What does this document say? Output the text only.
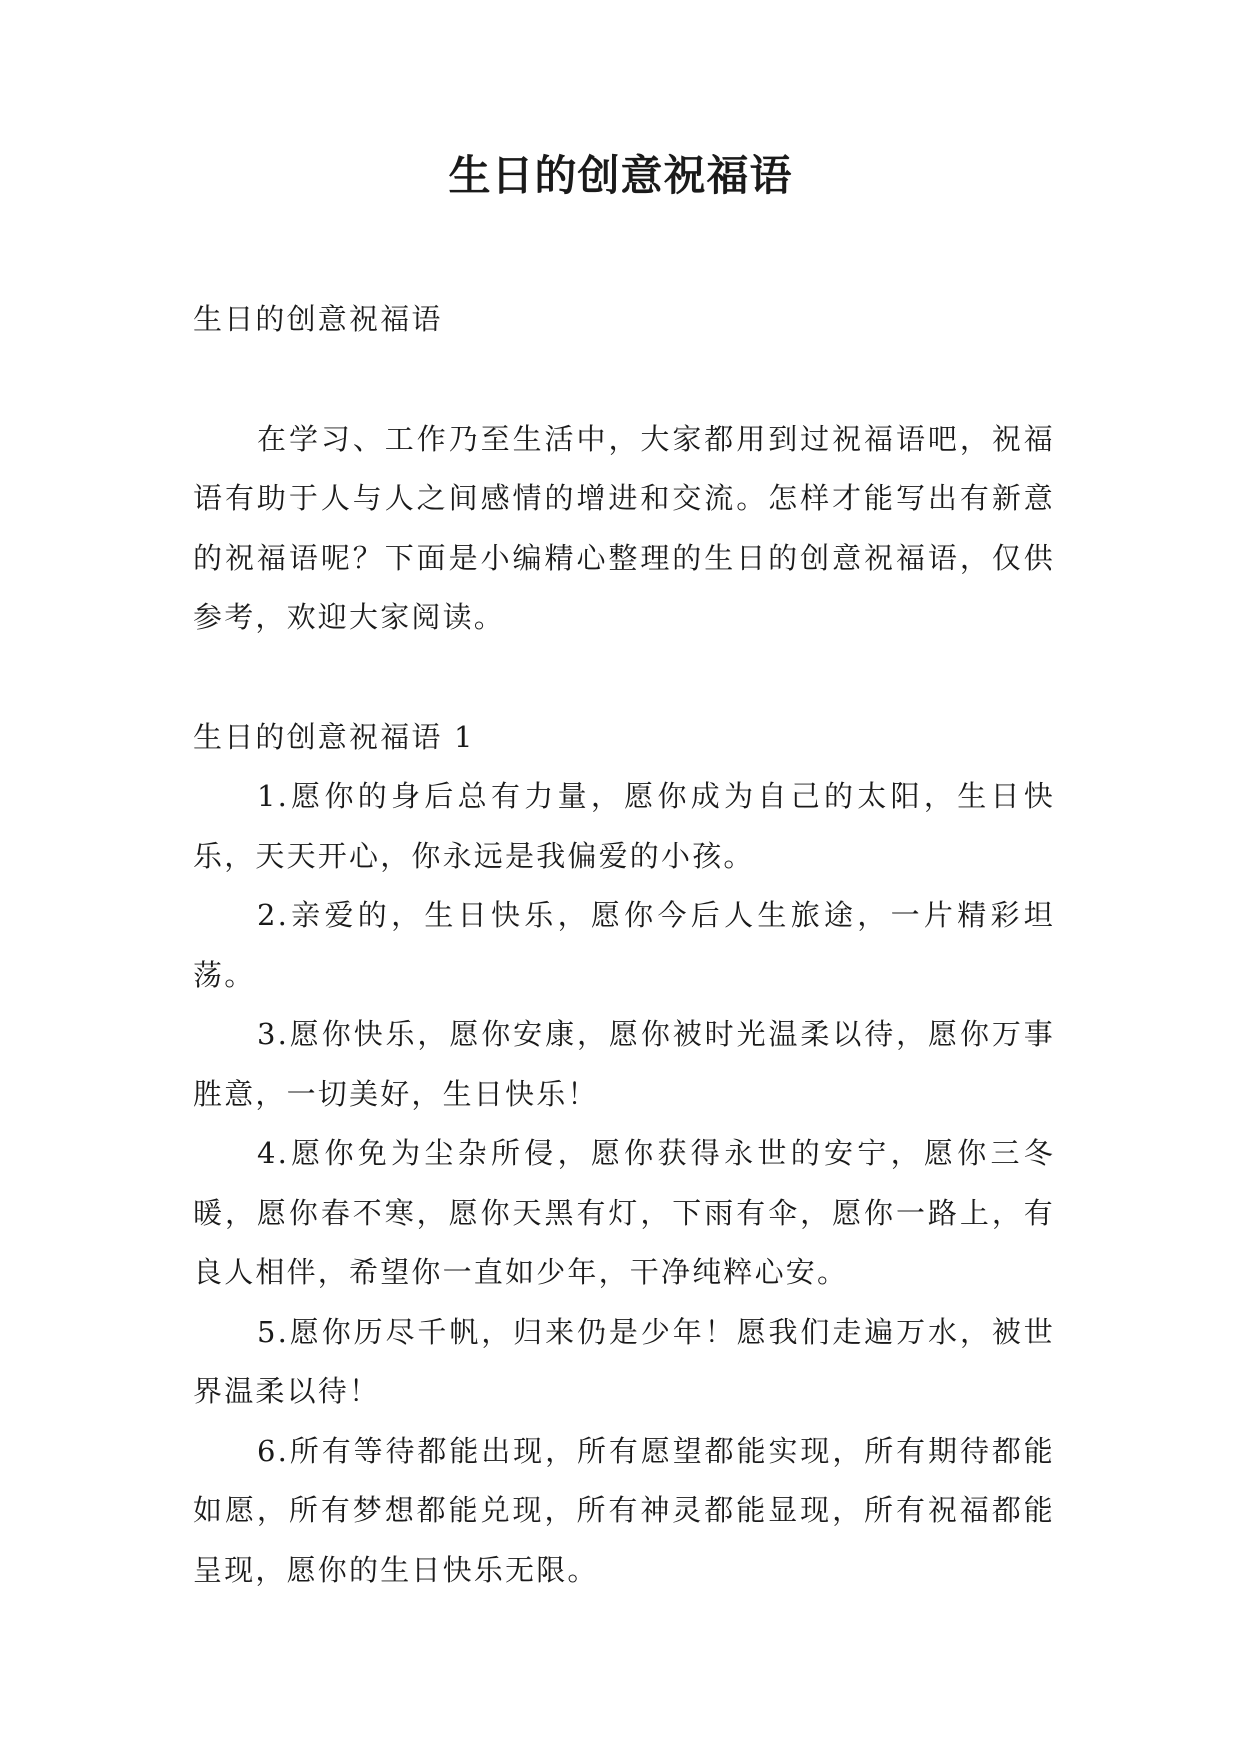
生日的创意祝福语

生日的创意祝福语

在学习、工作乃至生活中，大家都用到过祝福语吧，祝福语有助于人与人之间感情的增进和交流。怎样才能写出有新意的祝福语呢？下面是小编精心整理的生日的创意祝福语，仅供参考，欢迎大家阅读。

生日的创意祝福语 1

1.愿你的身后总有力量，愿你成为自己的太阳，生日快乐，天天开心，你永远是我偏爱的小孩。

2.亲爱的，生日快乐，愿你今后人生旅途，一片精彩坦荡。

3.愿你快乐，愿你安康，愿你被时光温柔以待，愿你万事胜意，一切美好，生日快乐！

4.愿你免为尘杂所侵，愿你获得永世的安宁，愿你三冬暖，愿你春不寒，愿你天黑有灯，下雨有伞，愿你一路上，有良人相伴，希望你一直如少年，干净纯粹心安。

5.愿你历尽千帆，归来仍是少年！愿我们走遍万水，被世界温柔以待！

6.所有等待都能出现，所有愿望都能实现，所有期待都能如愿，所有梦想都能兑现，所有神灵都能显现，所有祝福都能呈现，愿你的生日快乐无限。
